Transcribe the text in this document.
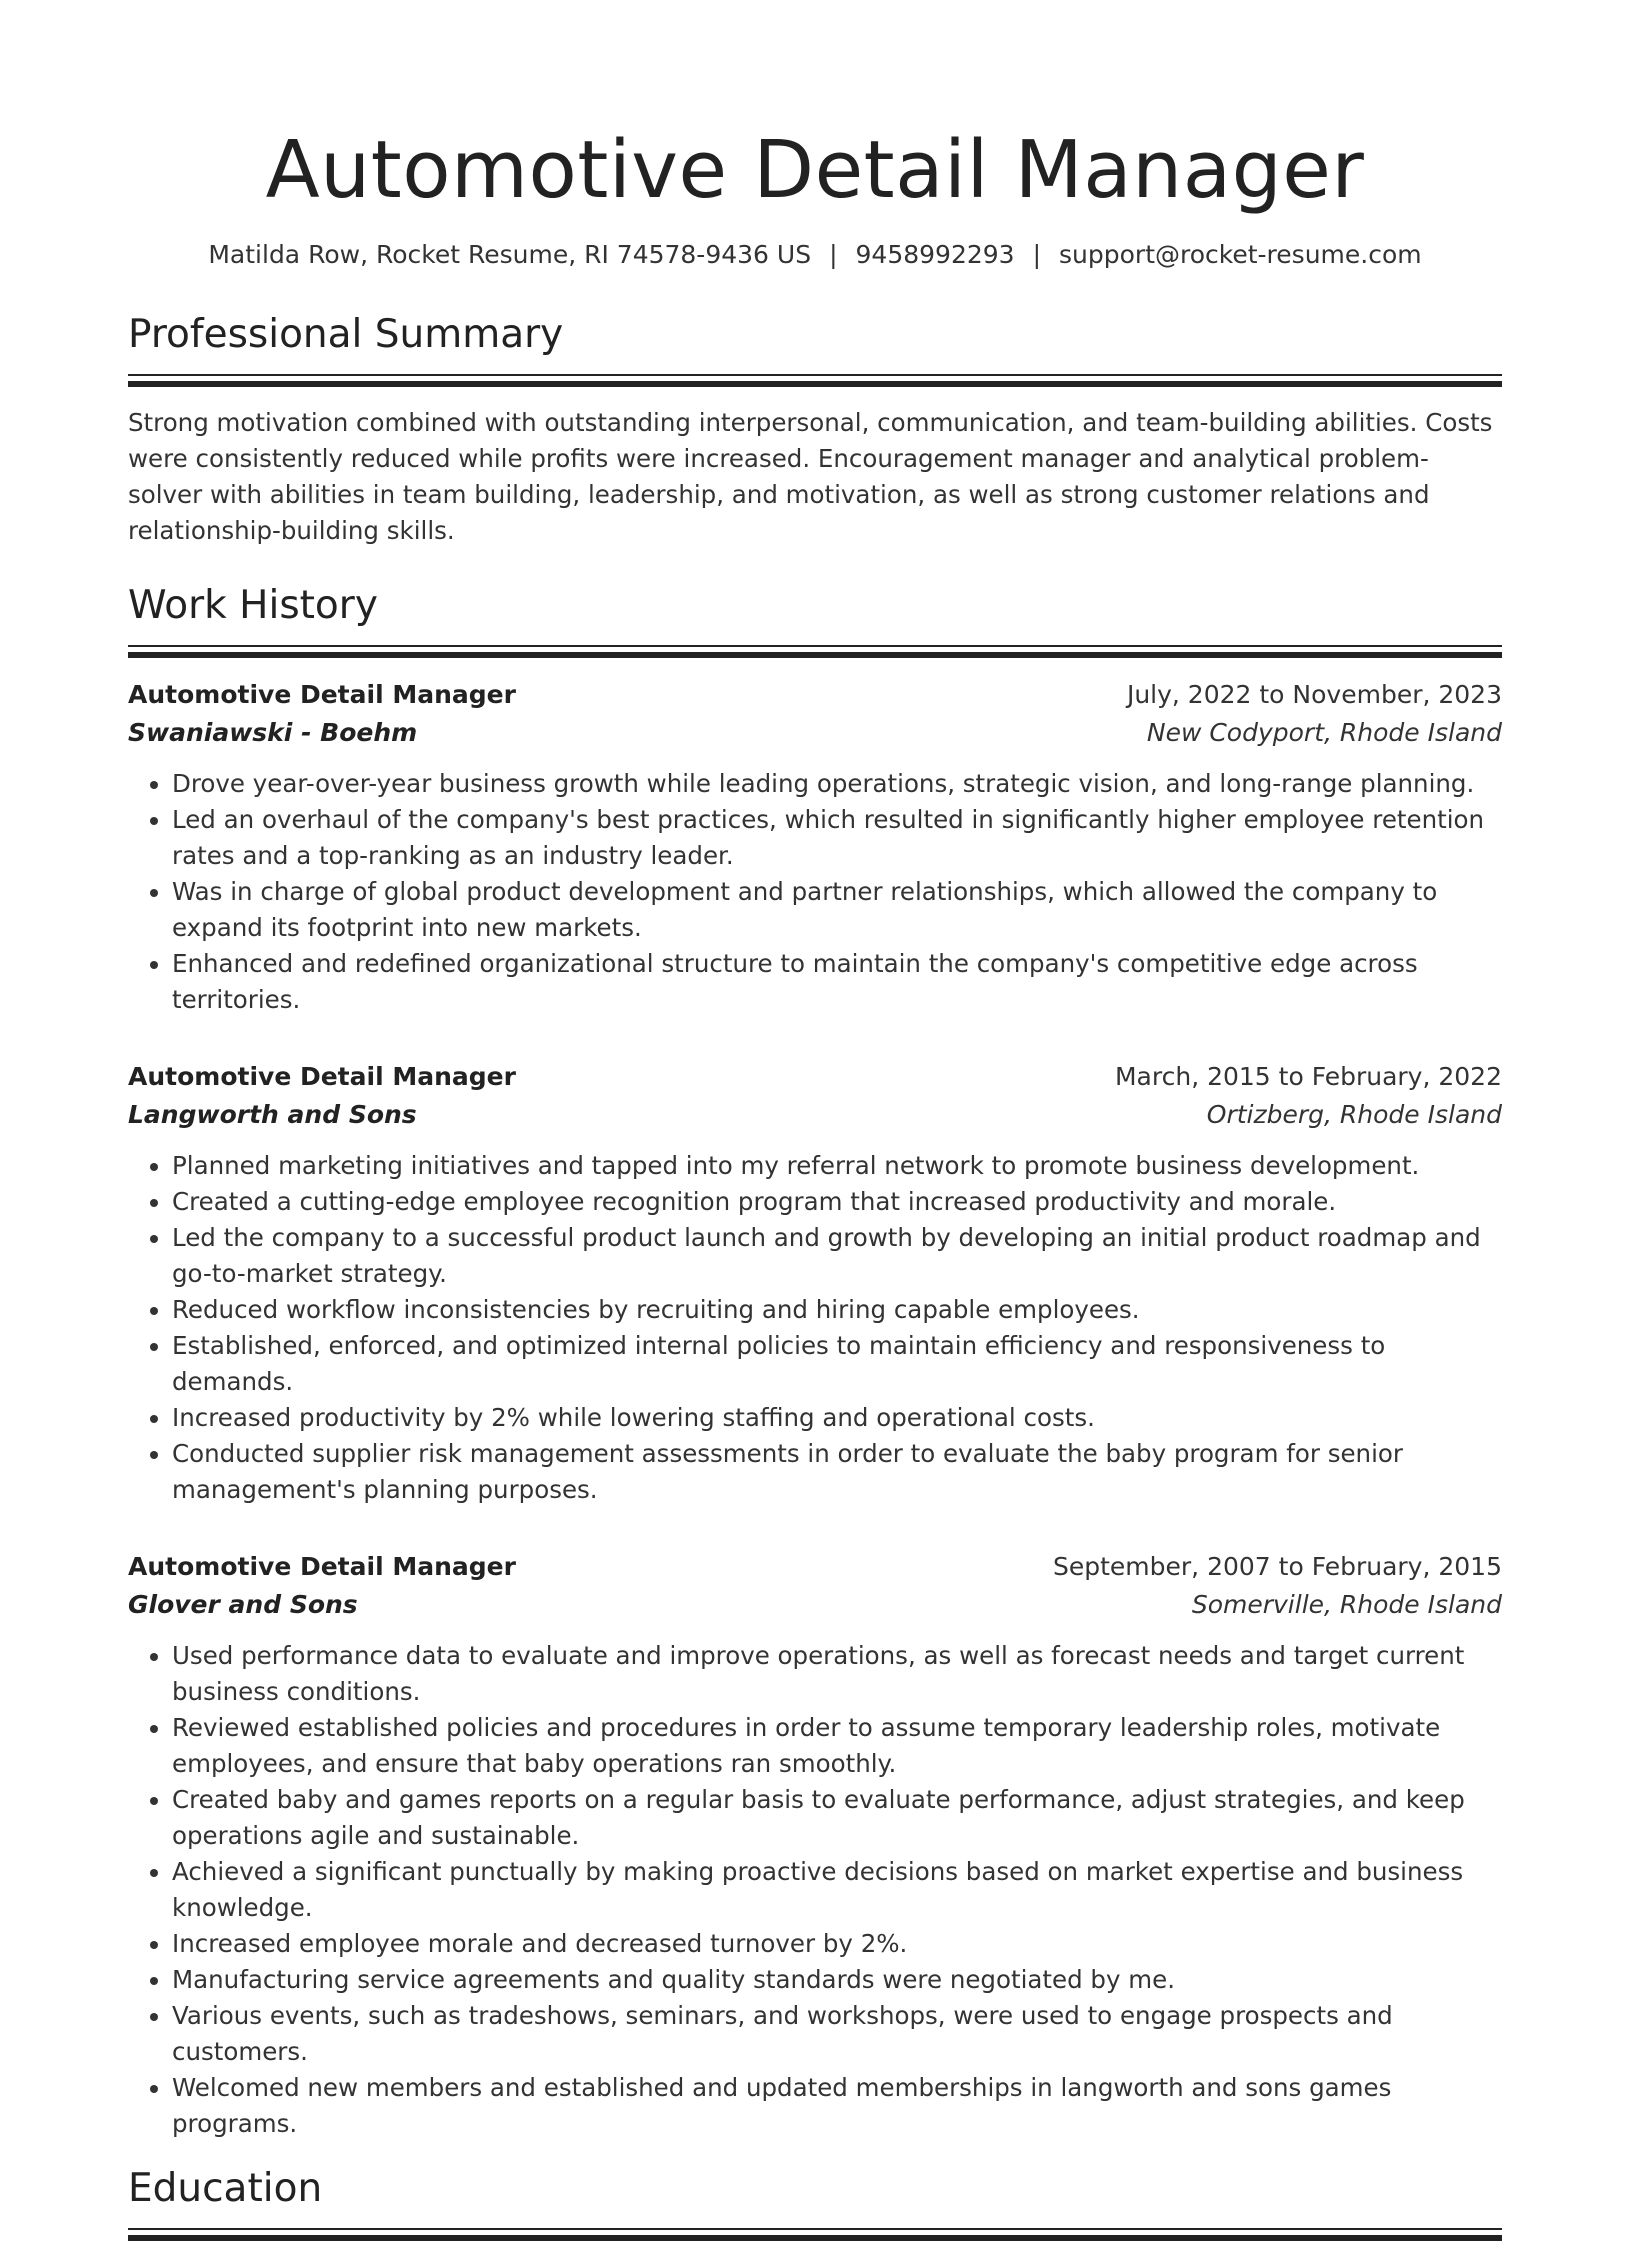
Automotive Detail Manager
Matilda Row, Rocket Resume, RI 74578-9436 US | 9458992293 | support@rocket-resume.com
Professional Summary

Strong motivation combined with outstanding interpersonal, communication, and team-building abilities. Costs were consistently reduced while profits were increased. Encouragement manager and analytical problem-solver with abilities in team building, leadership, and motivation, as well as strong customer relations and relationship-building skills.

Work History
Automotive Detail Manager	July, 2022 to November, 2023
Swaniawski - Boehm	New Codyport, Rhode Island
• Drove year-over-year business growth while leading operations, strategic vision, and long-range planning.
• Led an overhaul of the company's best practices, which resulted in significantly higher employee retention rates and a top-ranking as an industry leader.
• Was in charge of global product development and partner relationships, which allowed the company to expand its footprint into new markets.
• Enhanced and redefined organizational structure to maintain the company's competitive edge across territories.
Automotive Detail Manager	March, 2015 to February, 2022
Langworth and Sons	Ortizberg, Rhode Island
• Planned marketing initiatives and tapped into my referral network to promote business development.
• Created a cutting-edge employee recognition program that increased productivity and morale.
• Led the company to a successful product launch and growth by developing an initial product roadmap and go-to-market strategy.
• Reduced workflow inconsistencies by recruiting and hiring capable employees.
• Established, enforced, and optimized internal policies to maintain efficiency and responsiveness to demands.
• Increased productivity by 2% while lowering staffing and operational costs.
• Conducted supplier risk management assessments in order to evaluate the baby program for senior management's planning purposes.
Automotive Detail Manager	September, 2007 to February, 2015
Glover and Sons	Somerville, Rhode Island
• Used performance data to evaluate and improve operations, as well as forecast needs and target current business conditions.
• Reviewed established policies and procedures in order to assume temporary leadership roles, motivate employees, and ensure that baby operations ran smoothly.
• Created baby and games reports on a regular basis to evaluate performance, adjust strategies, and keep operations agile and sustainable.
• Achieved a significant punctually by making proactive decisions based on market expertise and business knowledge.
• Increased employee morale and decreased turnover by 2%.
• Manufacturing service agreements and quality standards were negotiated by me.
• Various events, such as tradeshows, seminars, and workshops, were used to engage prospects and customers.
• Welcomed new members and established and updated memberships in langworth and sons games programs.
Education
